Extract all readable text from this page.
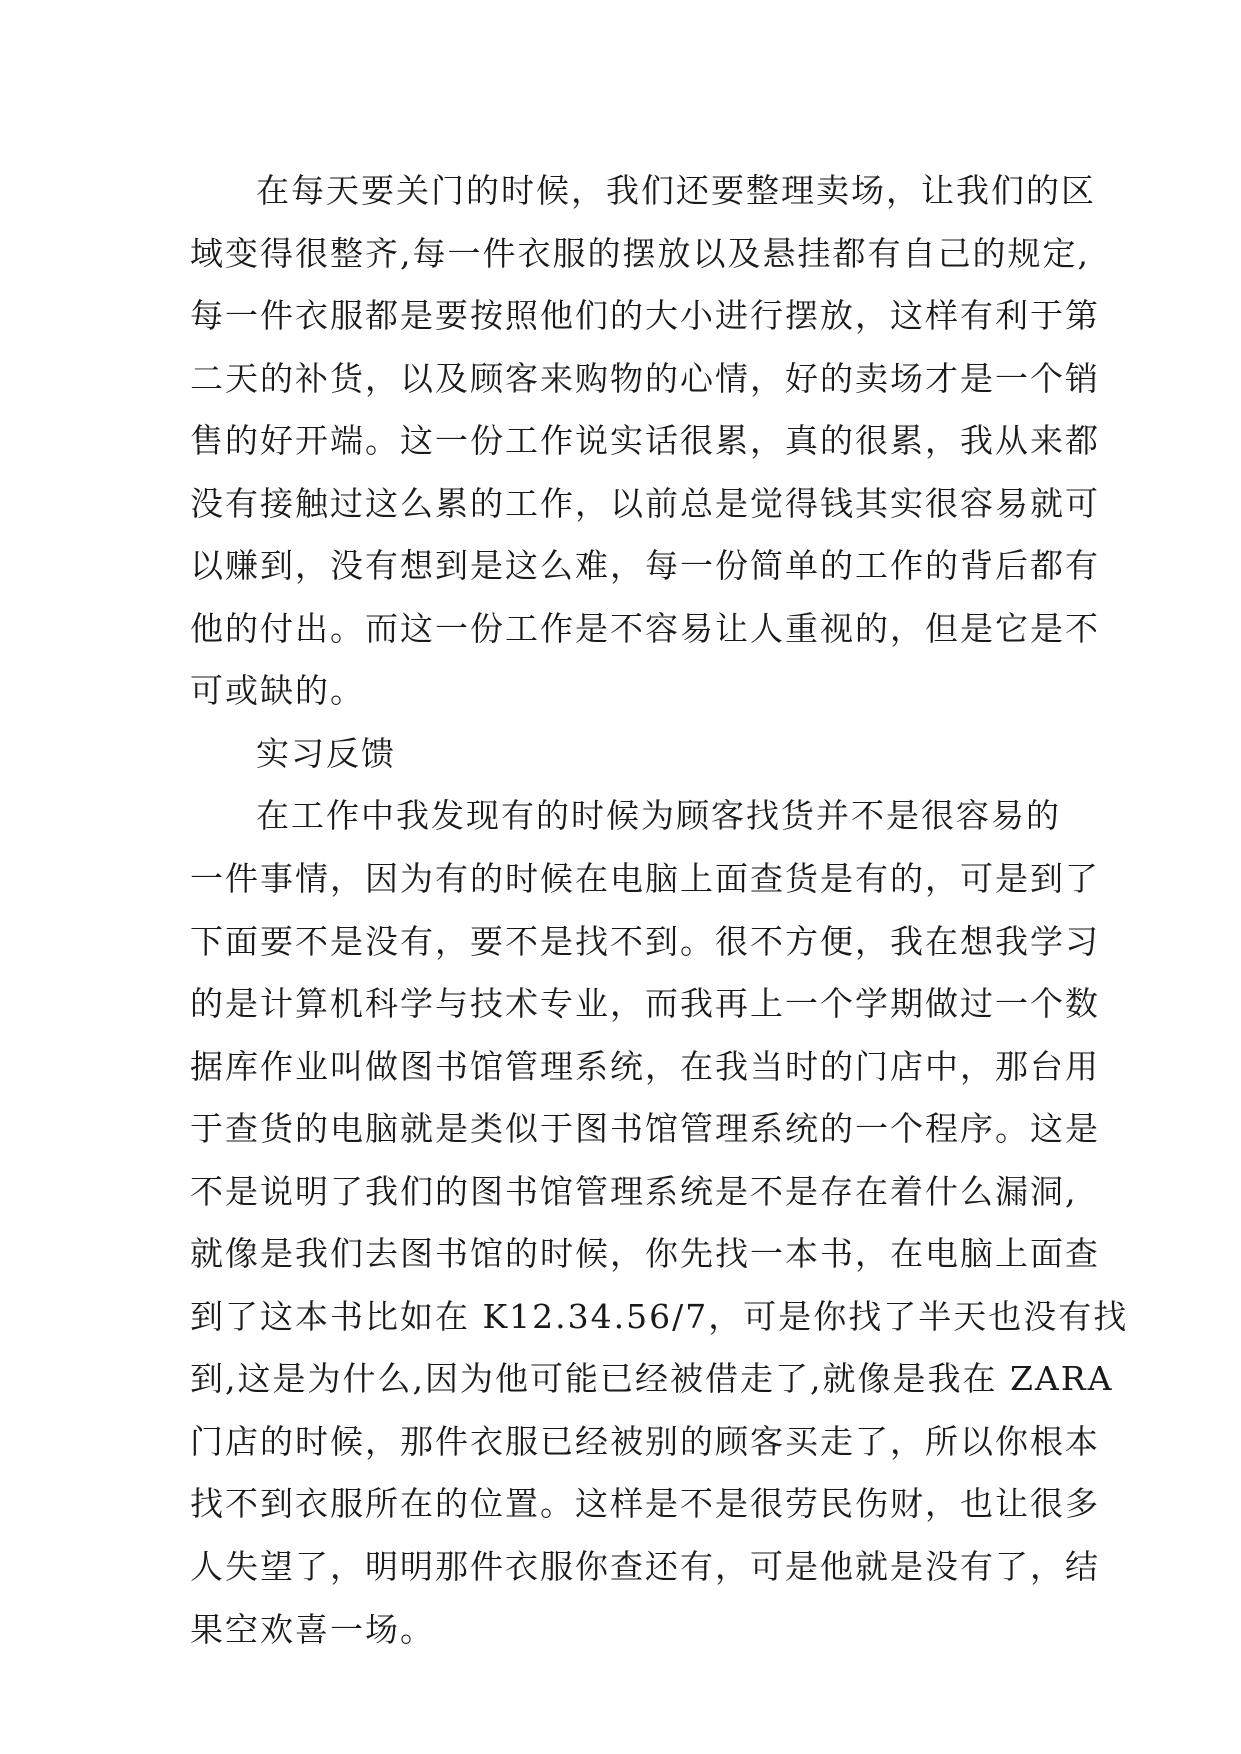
在每天要关门的时候，我们还要整理卖场，让我们的区
域变得很整齐,每一件衣服的摆放以及悬挂都有自己的规定,
每一件衣服都是要按照他们的大小进行摆放，这样有利于第
二天的补货，以及顾客来购物的心情，好的卖场才是一个销
售的好开端。这一份工作说实话很累，真的很累，我从来都
没有接触过这么累的工作，以前总是觉得钱其实很容易就可
以赚到，没有想到是这么难，每一份简单的工作的背后都有
他的付出。而这一份工作是不容易让人重视的，但是它是不
可或缺的。
实习反馈
在工作中我发现有的时候为顾客找货并不是很容易的
一件事情，因为有的时候在电脑上面查货是有的，可是到了
下面要不是没有，要不是找不到。很不方便，我在想我学习
的是计算机科学与技术专业，而我再上一个学期做过一个数
据库作业叫做图书馆管理系统，在我当时的门店中，那台用
于查货的电脑就是类似于图书馆管理系统的一个程序。这是
不是说明了我们的图书馆管理系统是不是存在着什么漏洞,
就像是我们去图书馆的时候，你先找一本书，在电脑上面查
到了这本书比如在 K12.34.56/7，可是你找了半天也没有找
到,这是为什么,因为他可能已经被借走了,就像是我在 ZARA
门店的时候，那件衣服已经被别的顾客买走了，所以你根本
找不到衣服所在的位置。这样是不是很劳民伤财，也让很多
人失望了，明明那件衣服你查还有，可是他就是没有了，结
果空欢喜一场。
